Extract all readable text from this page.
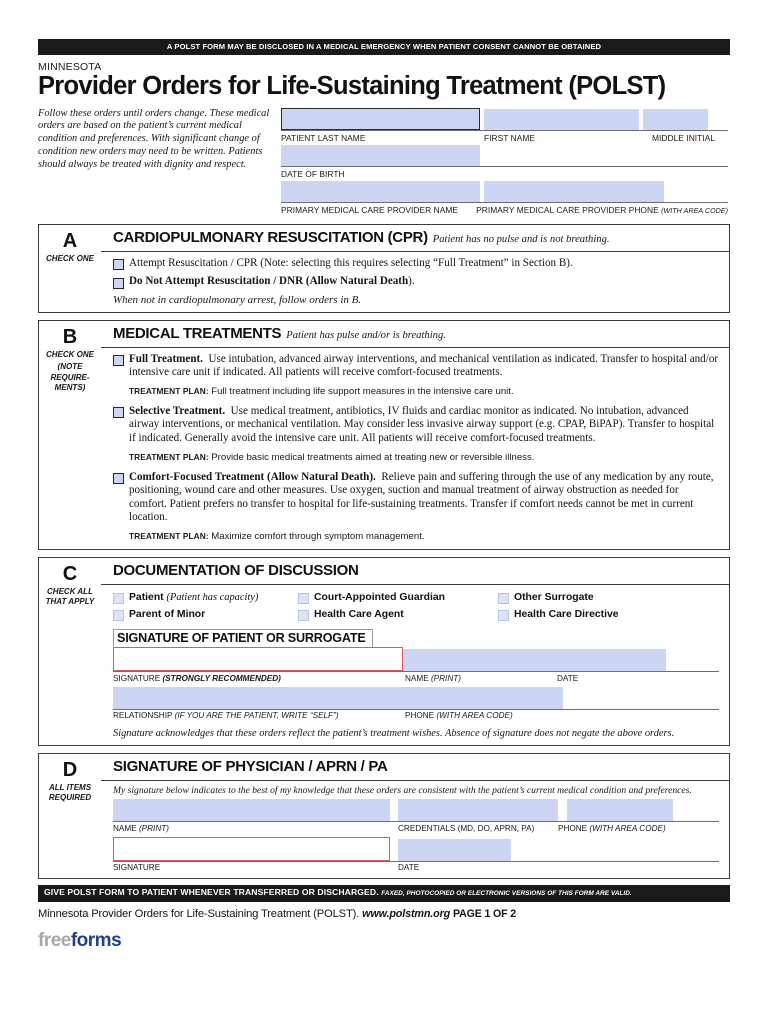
A POLST FORM MAY BE DISCLOSED IN A MEDICAL EMERGENCY WHEN PATIENT CONSENT CANNOT BE OBTAINED
MINNESOTA
Provider Orders for Life-Sustaining Treatment (POLST)
Follow these orders until orders change. These medical orders are based on the patient’s current medical condition and preferences. With significant change of condition new orders may need to be written. Patients should always be treated with dignity and respect.
PATIENT LAST NAME	FIRST NAME	MIDDLE INITIAL
DATE OF BIRTH
PRIMARY MEDICAL CARE PROVIDER NAME	PRIMARY MEDICAL CARE PROVIDER PHONE (WITH AREA CODE)
A
CHECK ONE
CARDIOPULMONARY RESUSCITATION (CPR) Patient has no pulse and is not breathing.
Attempt Resuscitation / CPR (Note: selecting this requires selecting “Full Treatment” in Section B).
Do Not Attempt Resuscitation / DNR (Allow Natural Death).
When not in cardiopulmonary arrest, follow orders in B.
B
CHECK ONE
(NOTE REQUIRE- MENTS)
MEDICAL TREATMENTS Patient has pulse and/or is breathing.
Full Treatment. Use intubation, advanced airway interventions, and mechanical ventilation as indicated. Transfer to hospital and/or intensive care unit if indicated. All patients will receive comfort-focused treatments.
TREATMENT PLAN: Full treatment including life support measures in the intensive care unit.
Selective Treatment. Use medical treatment, antibiotics, IV fluids and cardiac monitor as indicated. No intubation, advanced airway interventions, or mechanical ventilation. May consider less invasive airway support (e.g. CPAP, BiPAP). Transfer to hospital if indicated. Generally avoid the intensive care unit. All patients will receive comfort-focused treatments.
TREATMENT PLAN: Provide basic medical treatments aimed at treating new or reversible illness.
Comfort-Focused Treatment (Allow Natural Death). Relieve pain and suffering through the use of any medication by any route, positioning, wound care and other measures. Use oxygen, suction and manual treatment of airway obstruction as needed for comfort. Patient prefers no transfer to hospital for life-sustaining treatments. Transfer if comfort needs cannot be met in current location.
TREATMENT PLAN: Maximize comfort through symptom management.
C
CHECK ALL THAT APPLY
DOCUMENTATION OF DISCUSSION
Patient (Patient has capacity)
Parent of Minor
Court-Appointed Guardian
Health Care Agent
Other Surrogate
Health Care Directive
SIGNATURE OF PATIENT OR SURROGATE
SIGNATURE (STRONGLY RECOMMENDED)	NAME (PRINT)	DATE
RELATIONSHIP (IF YOU ARE THE PATIENT, WRITE “SELF”)	PHONE (WITH AREA CODE)
Signature acknowledges that these orders reflect the patient’s treatment wishes. Absence of signature does not negate the above orders.
D
ALL ITEMS REQUIRED
SIGNATURE OF PHYSICIAN / APRN / PA
My signature below indicates to the best of my knowledge that these orders are consistent with the patient’s current medical condition and preferences.
NAME (PRINT)	CREDENTIALS (MD, DO, APRN, PA)	PHONE (WITH AREA CODE)
SIGNATURE	DATE
GIVE POLST FORM TO PATIENT WHENEVER TRANSFERRED OR DISCHARGED. FAXED, PHOTOCOPIED OR ELECTRONIC VERSIONS OF THIS FORM ARE VALID.
Minnesota Provider Orders for Life-Sustaining Treatment (POLST). www.polstmn.org PAGE 1 OF 2
freeforms
